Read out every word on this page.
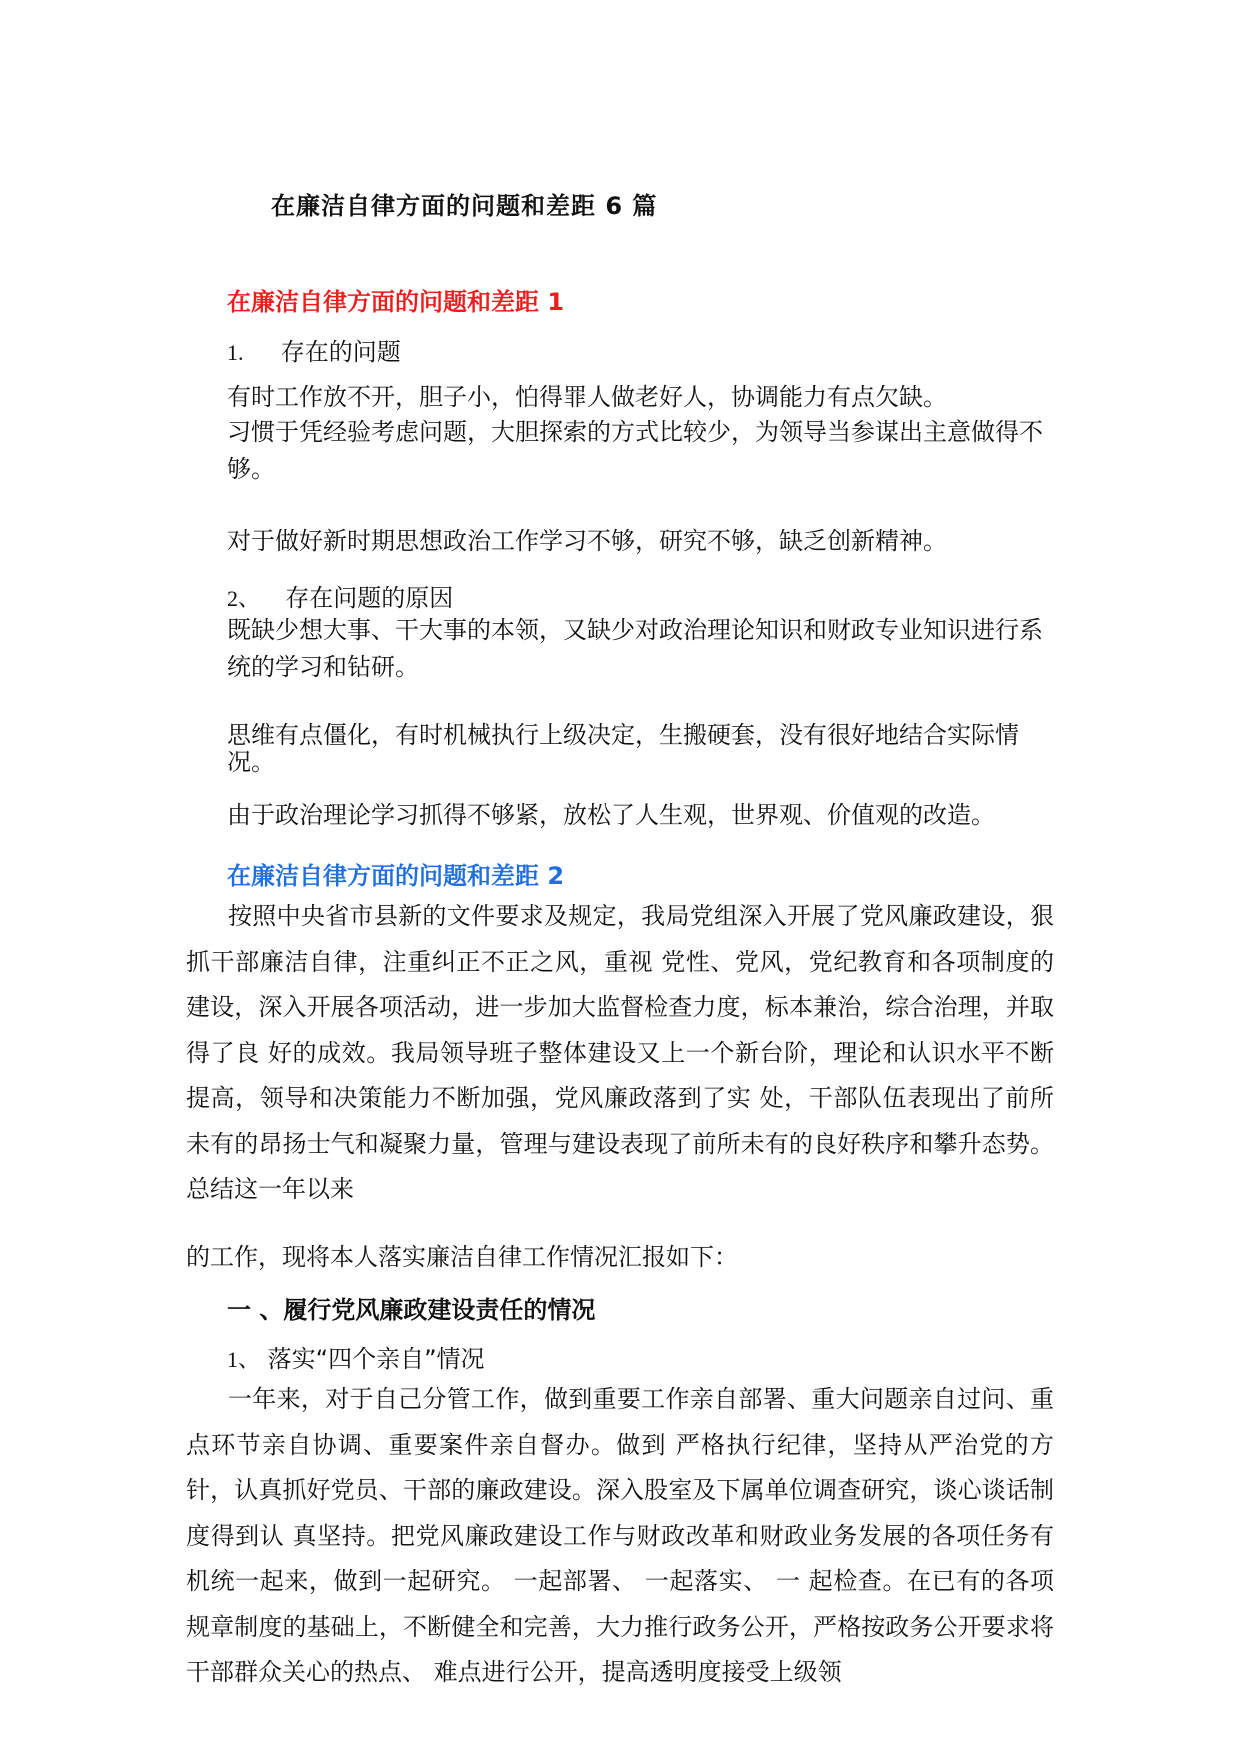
在廉洁自律方面的问题和差距 6 篇
在廉洁自律方面的问题和差距 1
1. 存在的问题

有时工作放不开，胆子小，怕得罪人做老好人，协调能力有点欠缺。

习惯于凭经验考虑问题，大胆探索的方式比较少，为领导当参谋出主意做得不够。

对于做好新时期思想政治工作学习不够，研究不够，缺乏创新精神。

2、 存在问题的原因

既缺少想大事、干大事的本领，又缺少对政治理论知识和财政专业知识进行系统的学习和钻研。

思维有点僵化，有时机械执行上级决定，生搬硬套，没有很好地结合实际情况。

由于政治理论学习抓得不够紧，放松了人生观，世界观、价值观的改造。

在廉洁自律方面的问题和差距 2

按照中央省市县新的文件要求及规定，我局党组深入开展了党风廉政建设，狠抓干部廉洁自律，注重纠正不正之风，重视 党性、党风，党纪教育和各项制度的建设，深入开展各项活动，进一步加大监督检查力度，标本兼治，综合治理，并取得了良 好的成效。我局领导班子整体建设又上一个新台阶，理论和认识水平不断提高，领导和决策能力不断加强，党风廉政落到了实 处，干部队伍表现出了前所未有的昂扬士气和凝聚力量，管理与建设表现了前所未有的良好秩序和攀升态势。总结这一年以来

的工作，现将本人落实廉洁自律工作情况汇报如下：

一 、履行党风廉政建设责任的情况
1、 落实“四个亲自”情况

一年来，对于自己分管工作，做到重要工作亲自部署、重大问题亲自过问、重点环节亲自协调、重要案件亲自督办。做到 严格执行纪律，坚持从严治党的方针，认真抓好党员、干部的廉政建设。深入股室及下属单位调查研究，谈心谈话制度得到认 真坚持。把党风廉政建设工作与财政改革和财政业务发展的各项任务有机统一起来，做到一起研究。 一起部署、 一起落实、 一 起检查。在已有的各项规章制度的基础上，不断健全和完善，大力推行政务公开，严格按政务公开要求将干部群众关心的热点、 难点进行公开，提高透明度接受上级领
